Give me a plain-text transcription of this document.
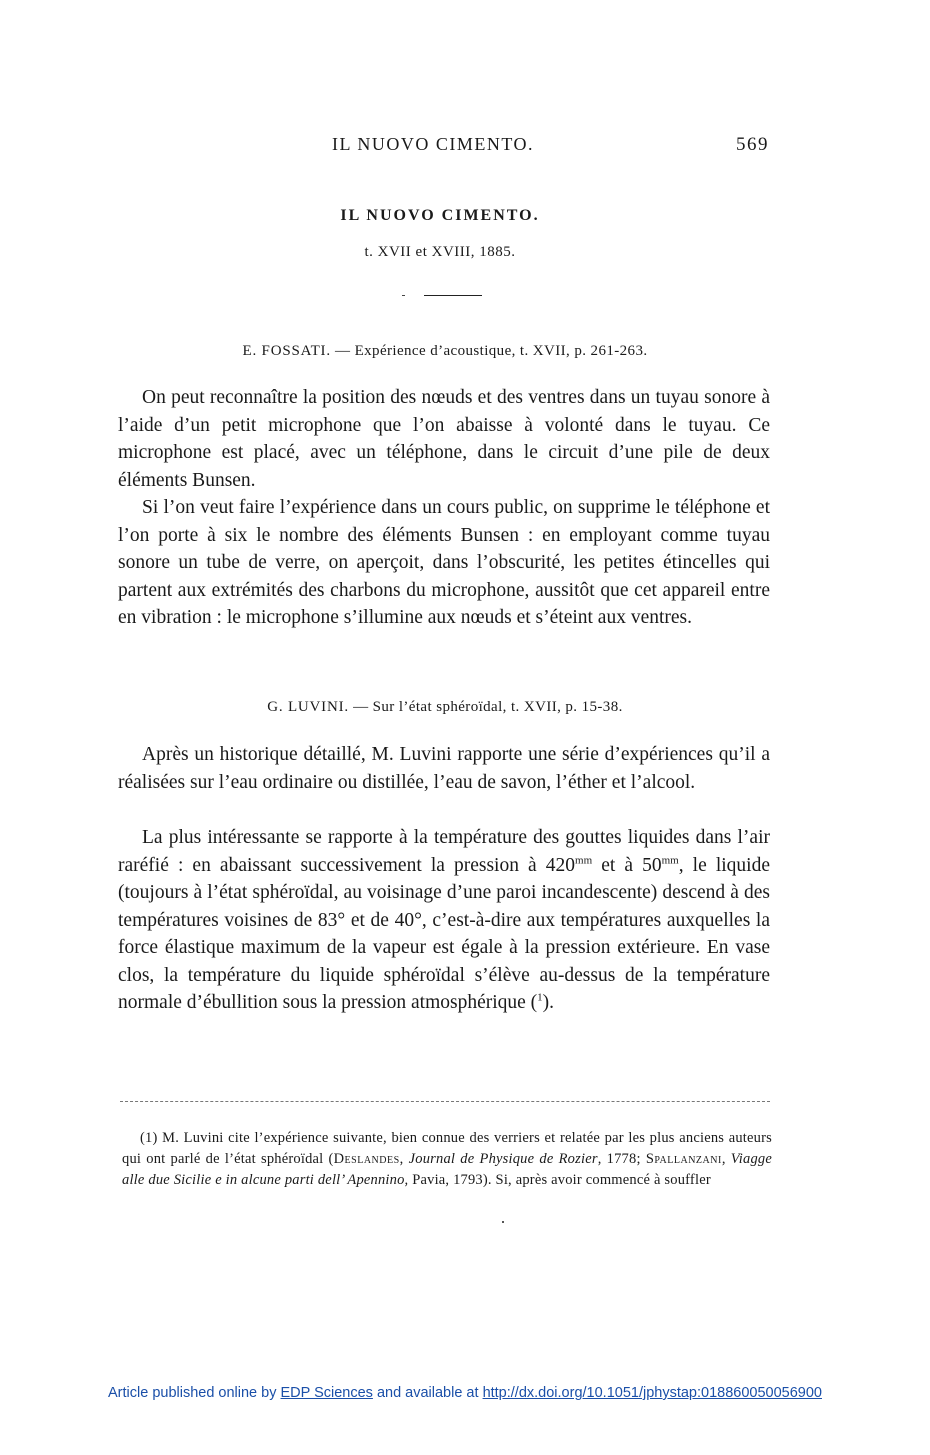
IL NUOVO CIMENTO.	569
IL NUOVO CIMENTO.
t. XVII et XVIII, 1885.
E. FOSSATI. — Expérience d’acoustique, t. XVII, p. 261-263.

On peut reconnaître la position des nœuds et des ventres dans un tuyau sonore à l’aide d’un petit microphone que l’on abaisse à volonté dans le tuyau. Ce microphone est placé, avec un téléphone, dans le circuit d’une pile de deux éléments Bunsen.

Si l’on veut faire l’expérience dans un cours public, on supprime le téléphone et l’on porte à six le nombre des éléments Bunsen : en employant comme tuyau sonore un tube de verre, on aperçoit, dans l’obscurité, les petites étincelles qui partent aux extrémités des charbons du microphone, aussitôt que cet appareil entre en vibration : le microphone s’illumine aux nœuds et s’éteint aux ventres.

G. LUVINI. — Sur l’état sphéroïdal, t. XVII, p. 15-38.

Après un historique détaillé, M. Luvini rapporte une série d’expériences qu’il a réalisées sur l’eau ordinaire ou distillée, l’eau de savon, l’éther et l’alcool.

La plus intéressante se rapporte à la température des gouttes liquides dans l’air raréfié : en abaissant successivement la pression à $420^{mm}$ et à $50^{mm}$, le liquide (toujours à l’état sphéroïdal, au voisinage d’une paroi incandescente) descend à des températures voisines de 83° et de 40°, c’est-à-dire aux températures auxquelles la force élastique maximum de la vapeur est égale à la pression extérieure. En vase clos, la température du liquide sphéroïdal s’élève au-dessus de la température normale d’ébullition sous la pression atmosphérique ($^1$).

(1) M. Luvini cite l’expérience suivante, bien connue des verriers et relatée par les plus anciens auteurs qui ont parlé de l’état sphéroïdal (Deslandes, Journal de Physique de Rozier, 1778; Spallanzani, Viagge alle due Sicilie e in alcune parti dell’ Apennino, Pavia, 1793). Si, après avoir commencé à souffler

Article published online by EDP Sciences and available at http://dx.doi.org/10.1051/jphystap:018860050056900
